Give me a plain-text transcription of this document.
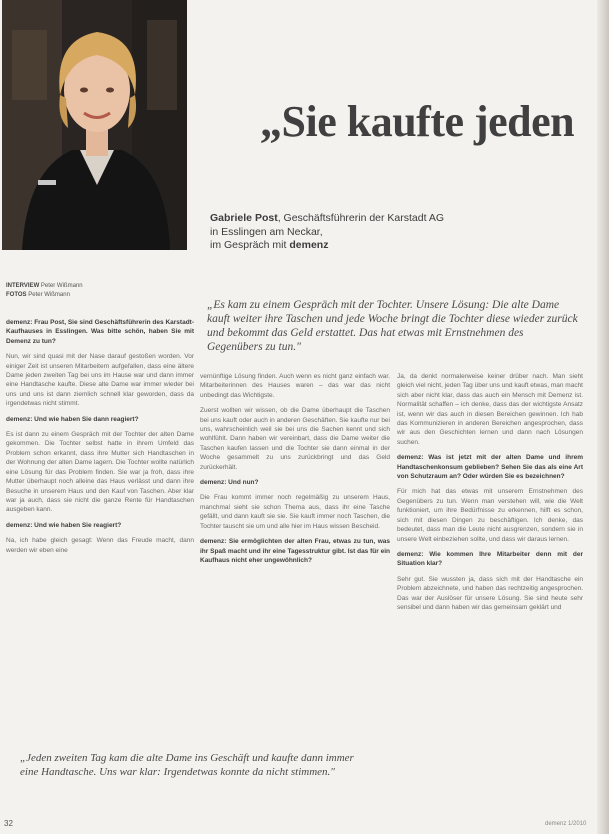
INTERVIEW Peter Wißmann
FOTOS Peter Wißmann
„Sie kaufte jeden
Gabriele Post, Geschäftsführerin der Karstadt AG
in Esslingen am Neckar,
im Gespräch mit demenz
„Es kam zu einem Gespräch mit der Tochter. Unsere Lösung: Die alte Dame kauft weiter ihre Taschen und jede Woche bringt die Tochter diese wieder zurück und bekommt das Geld erstattet. Das hat etwas mit Ernstnehmen des Gegenübers zu tun."

demenz: Frau Post, Sie sind Geschäftsführerin des Karstadt-Kaufhauses in Esslingen. Was bitte schön, haben Sie mit Demenz zu tun?

Nun, wir sind quasi mit der Nase darauf gestoßen worden. Vor einiger Zeit ist unseren Mitarbeitern aufgefallen, dass eine ältere Dame jeden zweiten Tag bei uns im Hause war und dann immer eine Handtasche kaufte. Diese alte Dame war immer wieder bei uns und uns ist dann ziemlich schnell klar geworden, dass da irgendetwas nicht stimmt.

demenz: Und wie haben Sie dann reagiert?

Es ist dann zu einem Gespräch mit der Tochter der alten Dame gekommen. Die Tochter selbst hatte in ihrem Umfeld das Problem schon erkannt, dass ihre Mutter sich Handtaschen in der Wohnung der alten Dame lagern. Die Tochter wollte natürlich eine Lösung für das Problem finden. Sie war ja froh, dass ihre Mutter überhaupt noch alleine das Haus verlässt und dann ihre Besuche in unserem Haus und den Kauf von Taschen. Aber klar war ja auch, dass sie nicht die ganze Rente für Handtaschen ausgeben kann.

demenz: Und wie haben Sie reagiert?

Na, ich habe gleich gesagt: Wenn das Freude macht, dann werden wir eben eine

vernünftige Lösung finden. Auch wenn es nicht ganz einfach war. Mitarbeiterinnen des Hauses waren – das war das nicht unbedingt das Wichtigste.

Zuerst wollten wir wissen, ob die Dame überhaupt die Taschen bei uns kauft oder auch in anderen Geschäften. Sie kaufte nur bei uns, wahrscheinlich weil sie bei uns die Sachen kennt und sich wohlfühlt. Dann haben wir vereinbart, dass die Dame weiter die Taschen kaufen lassen und die Tochter sie dann einmal in der Woche gesammelt zu uns zurückbringt und das Geld zurückerhält.

demenz: Und nun?

Die Frau kommt immer noch regelmäßig zu unserem Haus, manchmal sieht sie schon Thema aus, dass ihr eine Tasche gefällt, und dann kauft sie sie. Sie kauft immer noch Taschen, die Tochter tauscht sie um und alle hier im Haus wissen Bescheid.

demenz: Sie ermöglichten der alten Frau, etwas zu tun, was ihr Spaß macht und ihr eine Tagesstruktur gibt. Ist das für ein Kaufhaus nicht eher ungewöhnlich?

Ja, da denkt normalerweise keiner drüber nach. Man sieht gleich viel nicht, jeden Tag über uns und kauft etwas, man macht sich aber nicht klar, dass das auch ein Mensch mit Demenz ist. Normalität schaffen – ich denke, dass das der wichtigste Ansatz ist, wenn wir das auch in diesen Bereichen gewinnen. Ich hab das Kommunizieren in anderen Bereichen angesprochen, dass wir aus den Geschichten lernen und dann nach Lösungen suchen.

demenz: Was ist jetzt mit der alten Dame und ihrem Handtaschenkonsum geblieben? Sehen Sie das als eine Art von Schutzraum an? Oder würden Sie es bezeichnen?

Für mich hat das etwas mit unserem Ernstnehmen des Gegenübers zu tun. Wenn man verstehen will, wie die Welt funktioniert, um ihre Bedürfnisse zu erkennen, hilft es schon, sich mit diesen Dingen zu beschäftigen. Ich denke, das bedeutet, dass man die Leute nicht ausgrenzen, sondern sie in unsere Welt einbeziehen sollte, und dass wir daraus lernen.

demenz: Wie kommen Ihre Mitarbeiter denn mit der Situation klar?

Sehr gut. Sie wussten ja, dass sich mit der Handtasche ein Problem abzeichnete, und haben das rechtzeitig angesprochen. Das war der Auslöser für unsere Lösung. Sie sind heute sehr sensibel und dann haben wir das gemeinsam geklärt und

„Jeden zweiten Tag kam die alte Dame ins Geschäft und kaufte dann immer eine Handtasche. Uns war klar: Irgendetwas konnte da nicht stimmen."
32	demenz 1/2010
